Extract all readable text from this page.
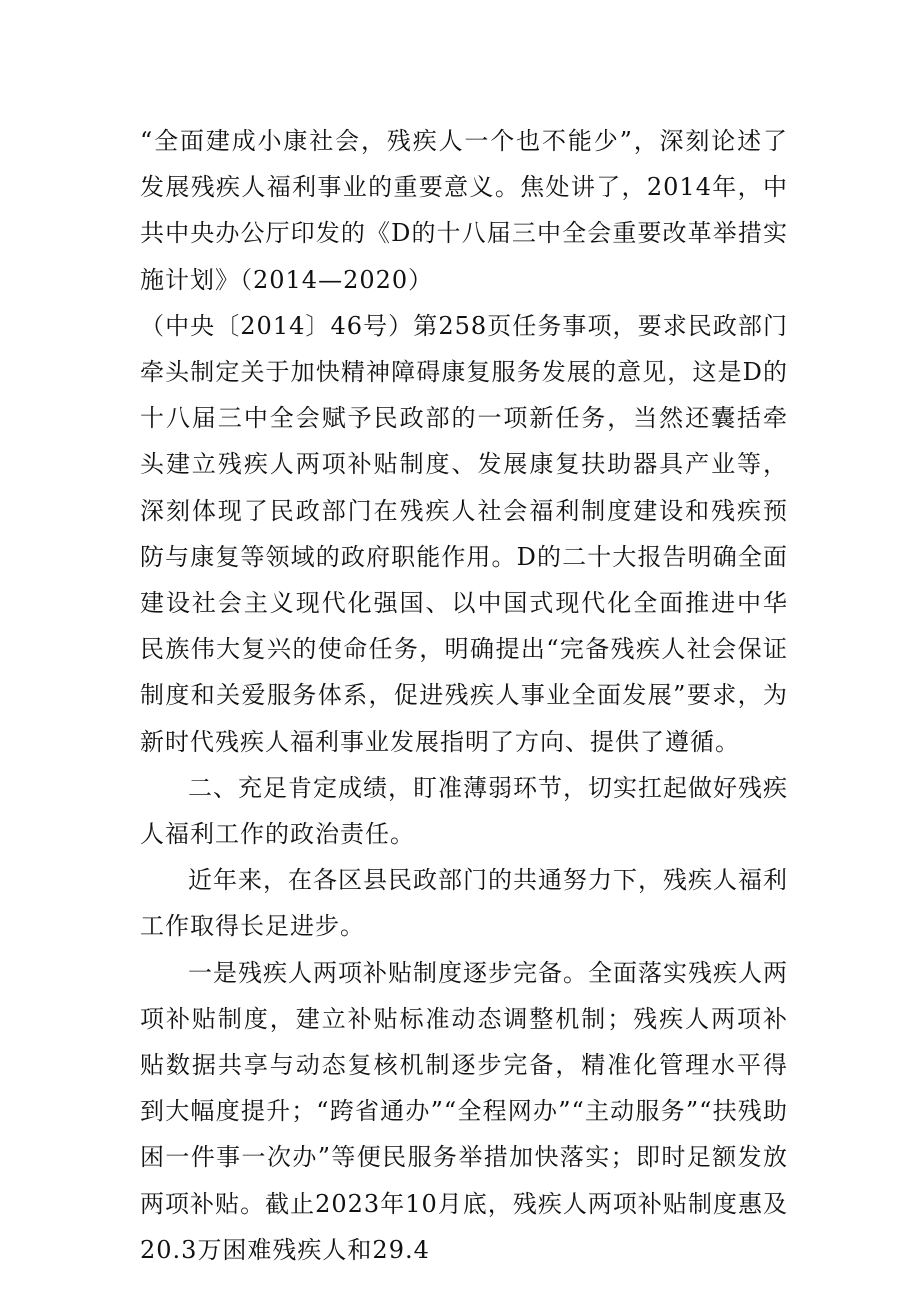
“全面建成小康社会，残疾人一个也不能少”，深刻论述了发展残疾人福利事业的重要意义。焦处讲了，2014年，中共中央办公厅印发的《D的十八届三中全会重要改革举措实施计划》（2014—2020）

（中央〔2014〕46号）第258页任务事项，要求民政部门牵头制定关于加快精神障碍康复服务发展的意见，这是D的十八届三中全会赋予民政部的一项新任务，当然还囊括牵头建立残疾人两项补贴制度、发展康复扶助器具产业等，深刻体现了民政部门在残疾人社会福利制度建设和残疾预防与康复等领域的政府职能作用。D的二十大报告明确全面建设社会主义现代化强国、以中国式现代化全面推进中华民族伟大复兴的使命任务，明确提出“完备残疾人社会保证制度和关爱服务体系，促进残疾人事业全面发展”要求，为新时代残疾人福利事业发展指明了方向、提供了遵循。

二、充足肯定成绩，盯准薄弱环节，切实扛起做好残疾人福利工作的政治责任。

近年来，在各区县民政部门的共通努力下，残疾人福利工作取得长足进步。

一是残疾人两项补贴制度逐步完备。全面落实残疾人两项补贴制度，建立补贴标准动态调整机制；残疾人两项补贴数据共享与动态复核机制逐步完备，精准化管理水平得到大幅度提升；“跨省通办”“全程网办”“主动服务”“扶残助困一件事一次办”等便民服务举措加快落实；即时足额发放两项补贴。截止2023年10月底，残疾人两项补贴制度惠及20.3万困难残疾人和29.4
